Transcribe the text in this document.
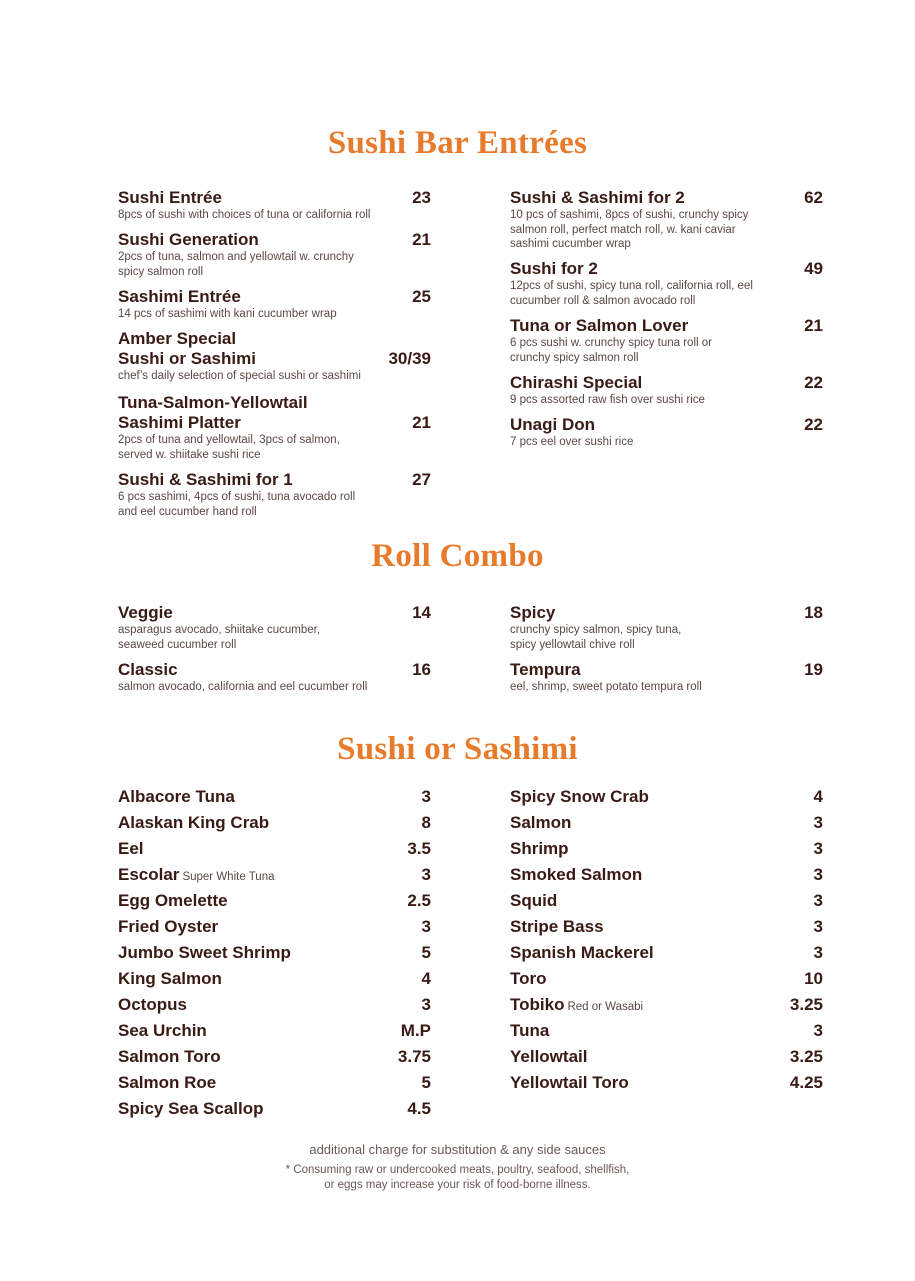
Sushi Bar Entrées
Roll Combo
Sushi or Sashimi
Sushi Entrée	23
8pcs of sushi with choices of tuna or california roll
Sushi Generation	21
2pcs of tuna, salmon and yellowtail w. crunchy spicy salmon roll
Sashimi Entrée	25
14 pcs of sashimi with kani cucumber wrap
Amber Special
Sushi or Sashimi	30/39
chef’s daily selection of special sushi or sashimi
Tuna-Salmon-Yellowtail
Sashimi Platter	21
2pcs of tuna and yellowtail, 3pcs of salmon, served w. shiitake sushi rice
Sushi & Sashimi for 1	27
6 pcs sashimi, 4pcs of sushi, tuna avocado roll and eel cucumber hand roll
Sushi & Sashimi for 2	62
10 pcs of sashimi, 8pcs of sushi, crunchy spicy salmon roll, perfect match roll, w. kani caviar sashimi cucumber wrap
Sushi for 2	49
12pcs of sushi, spicy tuna roll, california roll, eel cucumber roll & salmon avocado roll
Tuna or Salmon Lover	21
6 pcs sushi w. crunchy spicy tuna roll or crunchy spicy salmon roll
Chirashi Special	22
9 pcs assorted raw fish over sushi rice
Unagi Don	22
7 pcs eel over sushi rice
Veggie	14
asparagus avocado, shiitake cucumber, seaweed cucumber roll
Classic	16
salmon avocado, california and eel cucumber roll
Spicy	18
crunchy spicy salmon, spicy tuna, spicy yellowtail chive roll
Tempura	19
eel, shrimp, sweet potato tempura roll
Albacore Tuna	3
Alaskan King Crab	8
Eel	3.5
Escolar Super White Tuna	3
Egg Omelette	2.5
Fried Oyster	3
Jumbo Sweet Shrimp	5
King Salmon	4
Octopus	3
Sea Urchin	M.P
Salmon Toro	3.75
Salmon Roe	5
Spicy Sea Scallop	4.5
Spicy Snow Crab	4
Salmon	3
Shrimp	3
Smoked Salmon	3
Squid	3
Stripe Bass	3
Spanish Mackerel	3
Toro	10
Tobiko Red or Wasabi	3.25
Tuna	3
Yellowtail	3.25
Yellowtail Toro	4.25
additional charge for substitution & any side sauces
* Consuming raw or undercooked meats, poultry, seafood, shellfish,
or eggs may increase your risk of food-borne illness.
